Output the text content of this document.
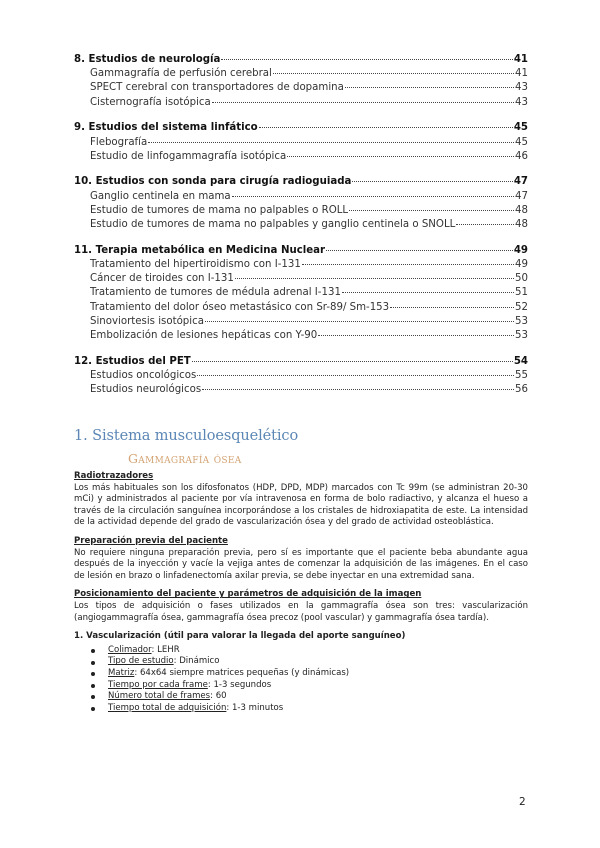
8. Estudios de neurología	41
Gammagrafía de perfusión cerebral	41
SPECT cerebral con transportadores de dopamina	43
Cisternografía isotópica	43
9. Estudios del sistema linfático	45
Flebografía	45
Estudio de linfogammagrafía isotópica	46
10. Estudios con sonda para cirugía radioguiada	47
Ganglio centinela en mama	47
Estudio de tumores de mama no palpables o ROLL	48
Estudio de tumores de mama no palpables y ganglio centinela o SNOLL	48
11. Terapia metabólica en Medicina Nuclear	49
Tratamiento del hipertiroidismo con I-131	49
Cáncer de tiroides con I-131	50
Tratamiento de tumores de médula adrenal I-131	51
Tratamiento del dolor óseo metastásico con Sr-89/ Sm-153	52
Sinoviortesis isotópica	53
Embolización de lesiones hepáticas con Y-90	53
12. Estudios del PET	54
Estudios oncológicos	55
Estudios neurológicos	56
1. Sistema musculoesquelético
Gammagrafía ósea

Radiotrazadores

Los más habituales son los difosfonatos (HDP, DPD, MDP) marcados con Tc 99m (se administran 20-30 mCi) y administrados al paciente por vía intravenosa en forma de bolo radiactivo, y alcanza el hueso a través de la circulación sanguínea incorporándose a los cristales de hidroxiapatita de este. La intensidad de la actividad depende del grado de vascularización ósea y del grado de actividad osteoblástica.

Preparación previa del paciente

No requiere ninguna preparación previa, pero sí es importante que el paciente beba abundante agua después de la inyección y vacíe la vejiga antes de comenzar la adquisición de las imágenes. En el caso de lesión en brazo o linfadenectomía axilar previa, se debe inyectar en una extremidad sana.

Posicionamiento del paciente y parámetros de adquisición de la imagen

Los tipos de adquisición o fases utilizados en la gammagrafía ósea son tres: vascularización (angiogammagrafía ósea, gammagrafía ósea precoz (pool vascular) y gammagrafía ósea tardía).

1. Vascularización (útil para valorar la llegada del aporte sanguíneo)

Colimador: LEHR
Tipo de estudio: Dinámico
Matriz: 64x64 siempre matrices pequeñas (y dinámicas)
Tiempo por cada frame: 1-3 segundos
Número total de frames: 60
Tiempo total de adquisición: 1-3 minutos
2
